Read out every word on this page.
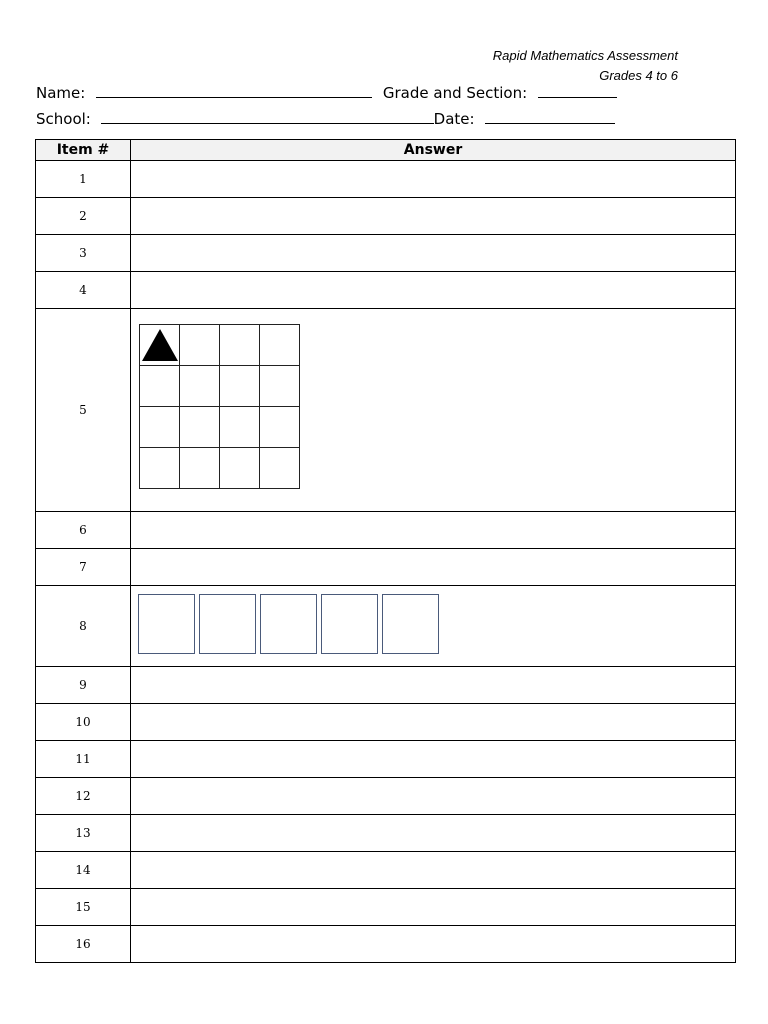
Rapid Mathematics Assessment
Grades 4 to 6
Name:	Grade and Section:
School:	Date:
Item #	Answer
1	
2	
3	
4	
5	

6	
7	
8	

9	
10	
11	
12	
13	
14	
15	
16	
